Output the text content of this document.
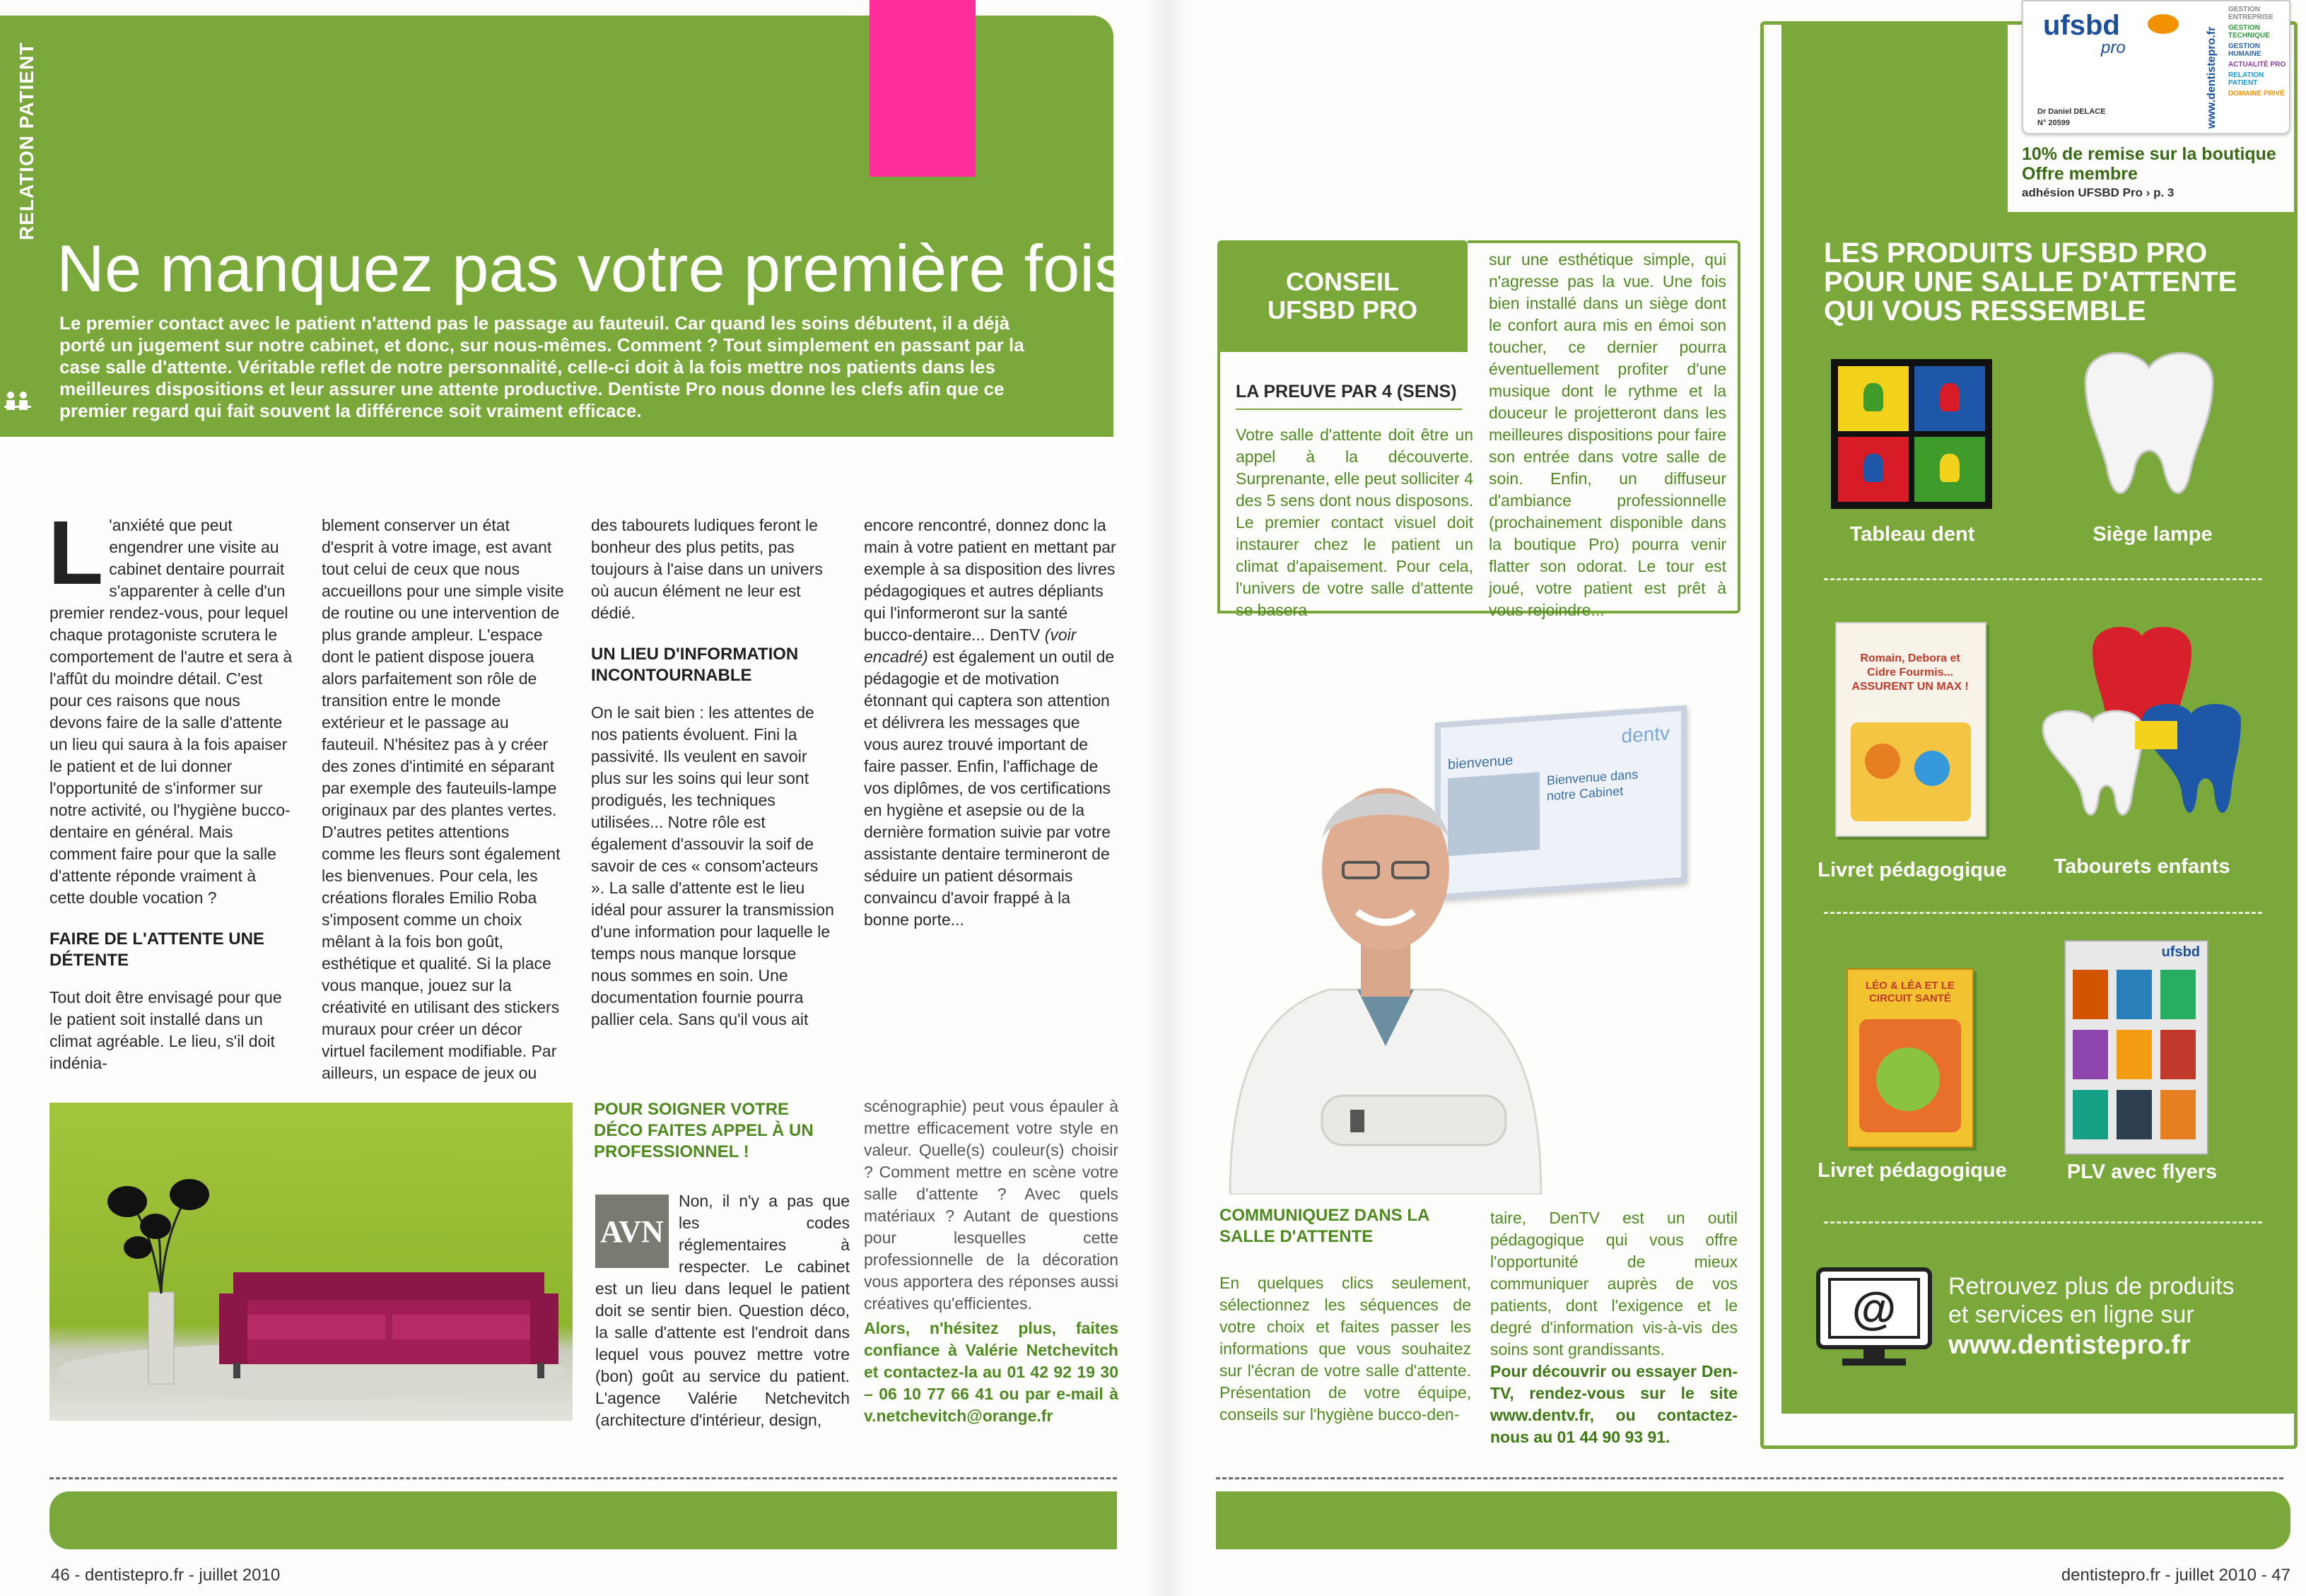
RELATION PATIENT
Ne manquez pas votre première fois
Le premier contact avec le patient n'attend pas le passage au fauteuil. Car quand les soins débutent, il a déjà porté un jugement sur notre cabinet, et donc, sur nous-mêmes. Comment ? Tout simplement en passant par la case salle d'attente. Véritable reflet de notre personnalité, celle-ci doit à la fois mettre nos patients dans les meilleures dispositions et leur assurer une attente productive. Dentiste Pro nous donne les clefs afin que ce premier regard qui fait souvent la différence soit vraiment efficace.
L 'anxiété que peut engendrer une visite au cabinet dentaire pourrait s'apparenter à celle d'un premier rendez-vous, pour lequel chaque protagoniste scrutera le comportement de l'autre et sera à l'affût du moindre détail. C'est pour ces raisons que nous devons faire de la salle d'attente un lieu qui saura à la fois apaiser le patient et de lui donner l'opportunité de s'informer sur notre activité, ou l'hygiène bucco-dentaire en général. Mais comment faire pour que la salle d'attente réponde vraiment à cette double vocation ?

FAIRE DE L'ATTENTE UNE DÉTENTE

Tout doit être envisagé pour que le patient soit installé dans un climat agréable. Le lieu, s'il doit indénia-

blement conserver un état d'esprit à votre image, est avant tout celui de ceux que nous accueillons pour une simple visite de routine ou une intervention de plus grande ampleur. L'espace dont le patient dispose jouera alors parfaitement son rôle de transition entre le monde extérieur et le passage au fauteuil. N'hésitez pas à y créer des zones d'intimité en séparant par exemple des fauteuils-lampe originaux par des plantes vertes. D'autres petites attentions comme les fleurs sont également les bienvenues. Pour cela, les créations florales Emilio Roba s'imposent comme un choix mêlant à la fois bon goût, esthétique et qualité. Si la place vous manque, jouez sur la créativité en utilisant des stickers muraux pour créer un décor virtuel facilement modifiable. Par ailleurs, un espace de jeux ou

des tabourets ludiques feront le bonheur des plus petits, pas toujours à l'aise dans un univers où aucun élément ne leur est dédié.

UN LIEU D'INFORMATION INCONTOURNABLE

On le sait bien : les attentes de nos patients évoluent. Fini la passivité. Ils veulent en savoir plus sur les soins qui leur sont prodigués, les techniques utilisées... Notre rôle est également d'assouvir la soif de savoir de ces « consom'acteurs ». La salle d'attente est le lieu idéal pour assurer la transmission d'une information pour laquelle le temps nous manque lorsque nous sommes en soin. Une documentation fournie pourra pallier cela. Sans qu'il vous ait

encore rencontré, donnez donc la main à votre patient en mettant par exemple à sa disposition des livres pédagogiques et autres dépliants qui l'informeront sur la santé bucco-dentaire... DenTV (voir encadré) est également un outil de pédagogie et de motivation étonnant qui captera son attention et délivrera les messages que vous aurez trouvé important de faire passer. Enfin, l'affichage de vos diplômes, de vos certifications en hygiène et asepsie ou de la dernière formation suivie par votre assistante dentaire termineront de séduire un patient désormais convaincu d'avoir frappé à la bonne porte...

POUR SOIGNER VOTRE DÉCO FAITES APPEL À UN PROFESSIONNEL !
AVN

Non, il n'y a pas que les codes réglementaires à respecter. Le cabinet est un lieu dans lequel le patient doit se sentir bien. Question déco, la salle d'attente est l'endroit dans lequel vous pouvez mettre votre (bon) goût au service du patient. L'agence Valérie Netchevitch (architecture d'intérieur, design,

scénographie) peut vous épauler à mettre efficacement votre style en valeur. Quelle(s) couleur(s) choisir ? Comment mettre en scène votre salle d'attente ? Avec quels matériaux ? Autant de questions pour lesquelles cette professionnelle de la décoration vous apportera des réponses aussi créatives qu'efficientes.

Alors, n'hésitez plus, faites confiance à Valérie Netchevitch et contactez-la au 01 42 92 19 30 – 06 10 77 66 41 ou par e-mail à v.netchevitch@orange.fr

46 - dentistepro.fr - juillet 2010
CONSEIL UFSBD PRO
LA PREUVE PAR 4 (SENS)
Votre salle d'attente doit être un appel à la découverte. Surprenante, elle peut solliciter 4 des 5 sens dont nous disposons. Le premier contact visuel doit instaurer chez le patient un climat d'apaisement. Pour cela, l'univers de votre salle d'attente se basera
sur une esthétique simple, qui n'agresse pas la vue. Une fois bien installé dans un siège dont le confort aura mis en émoi son toucher, ce dernier pourra éventuellement profiter d'une musique dont le rythme et la douceur le projetteront dans les meilleures dispositions pour faire son entrée dans votre salle de soin. Enfin, un diffuseur d'ambiance professionnelle (prochainement disponible dans la boutique Pro) pourra venir flatter son odorat. Le tour est joué, votre patient est prêt à vous rejoindre...
dentv
bienvenue
Bienvenue dans notre Cabinet
COMMUNIQUEZ DANS LA SALLE D'ATTENTE
En quelques clics seulement, sélectionnez les séquences de votre choix et faites passer les informations que vous souhaitez sur l'écran de votre salle d'attente. Présentation de votre équipe, conseils sur l'hygiène bucco-den-

taire, DenTV est un outil pédagogique qui vous offre l'opportunité de mieux communiquer auprès de vos patients, dont l'exigence et le degré d'information vis-à-vis des soins sont grandissants.

Pour découvrir ou essayer Den-TV, rendez-vous sur le site www.dentv.fr, ou contactez-nous au 01 44 90 93 91.

ufsbd
pro
Dr Daniel DELACE
N° 20599	www.dentistepro.fr
GESTION ENTREPRISE
GESTION TECHNIQUE
GESTION HUMAINE
ACTUALITÉ PRO
RELATION PATIENT
DOMAINE PRIVÉ
10% de remise sur la boutique
Offre membre
adhésion UFSBD Pro › p. 3
LES PRODUITS UFSBD PRO POUR UNE SALLE D'ATTENTE QUI VOUS RESSEMBLE
Tableau dent	Siège lampe
Romain, Debora et Cidre Fourmis... ASSURENT UN MAX !
Livret pédagogique	Tabourets enfants
LÉO & LÉA ET LE CIRCUIT SANTÉ
Livret pédagogique
ufsbd
PLV avec flyers
@	Retrouvez plus de produits
et services en ligne sur
www.dentistepro.fr
dentistepro.fr - juillet 2010 - 47
